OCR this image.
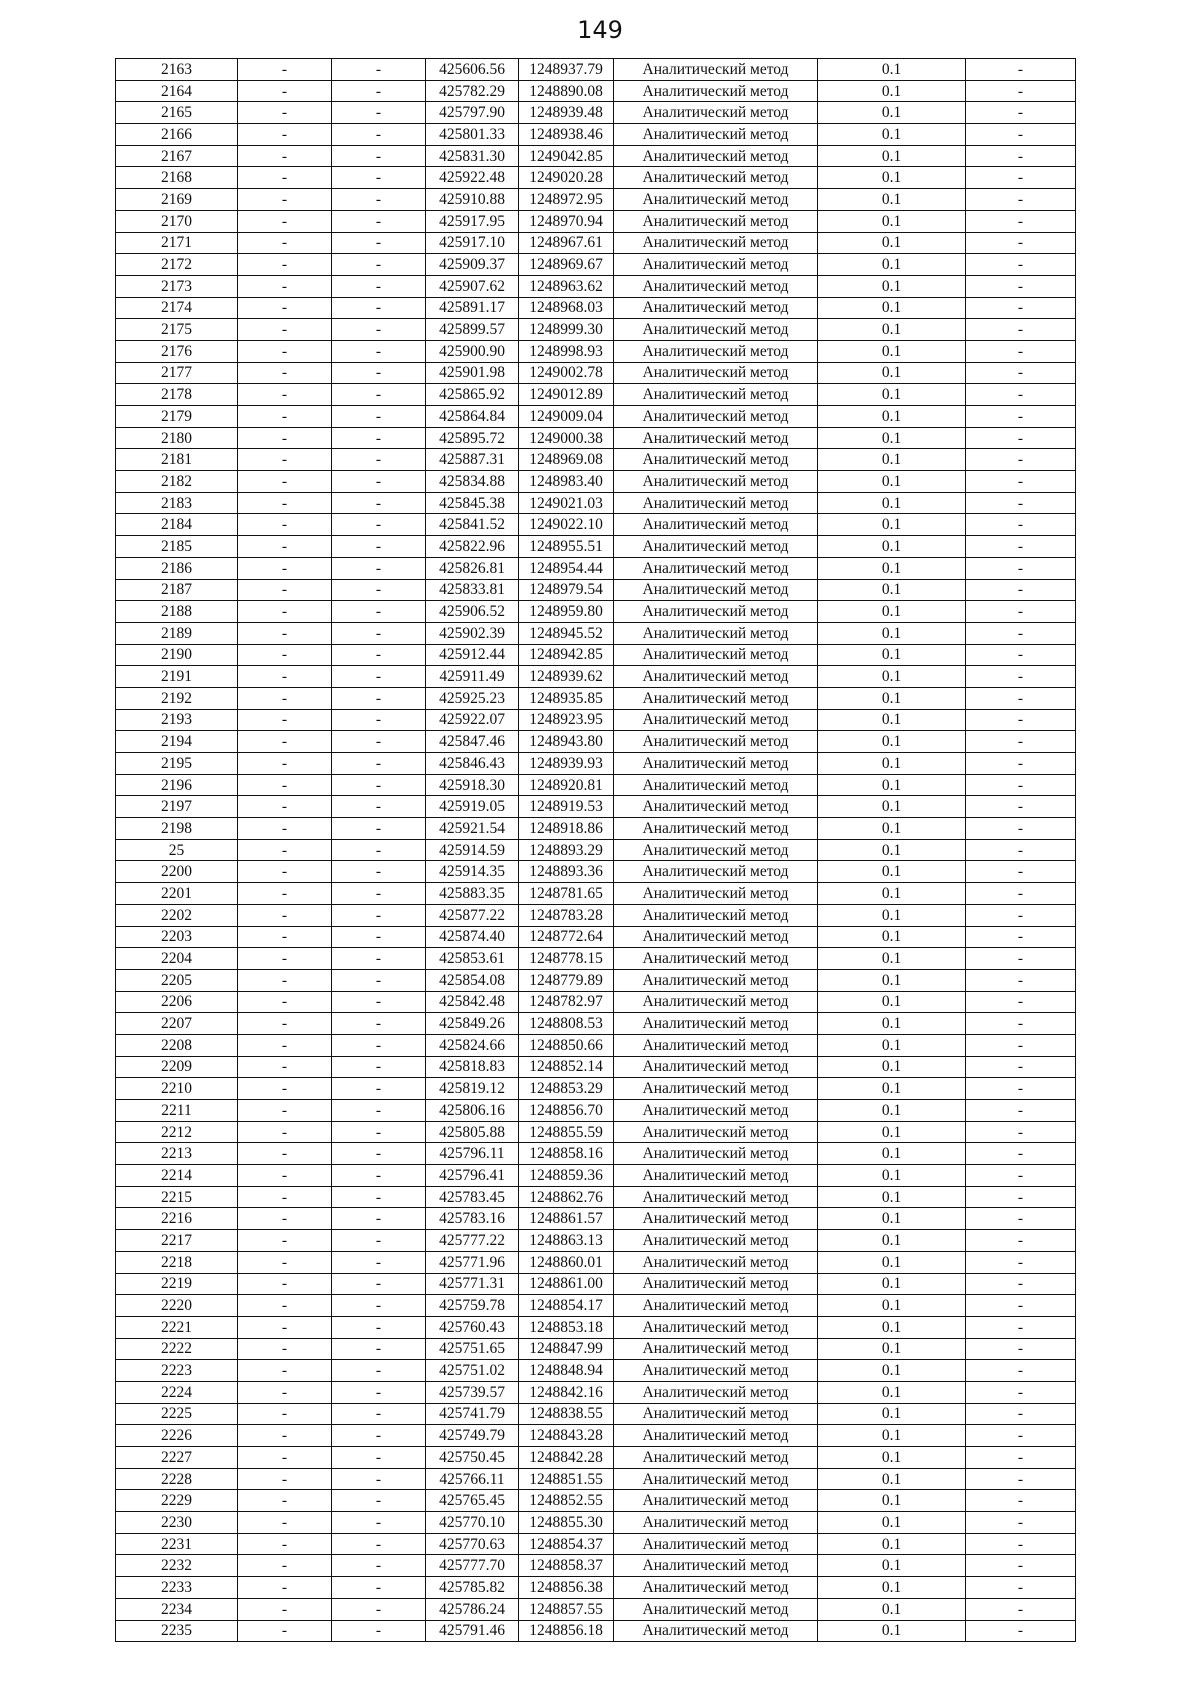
149
2163	-	-	425606.56	1248937.79	Аналитический метод	0.1	-
2164	-	-	425782.29	1248890.08	Аналитический метод	0.1	-
2165	-	-	425797.90	1248939.48	Аналитический метод	0.1	-
2166	-	-	425801.33	1248938.46	Аналитический метод	0.1	-
2167	-	-	425831.30	1249042.85	Аналитический метод	0.1	-
2168	-	-	425922.48	1249020.28	Аналитический метод	0.1	-
2169	-	-	425910.88	1248972.95	Аналитический метод	0.1	-
2170	-	-	425917.95	1248970.94	Аналитический метод	0.1	-
2171	-	-	425917.10	1248967.61	Аналитический метод	0.1	-
2172	-	-	425909.37	1248969.67	Аналитический метод	0.1	-
2173	-	-	425907.62	1248963.62	Аналитический метод	0.1	-
2174	-	-	425891.17	1248968.03	Аналитический метод	0.1	-
2175	-	-	425899.57	1248999.30	Аналитический метод	0.1	-
2176	-	-	425900.90	1248998.93	Аналитический метод	0.1	-
2177	-	-	425901.98	1249002.78	Аналитический метод	0.1	-
2178	-	-	425865.92	1249012.89	Аналитический метод	0.1	-
2179	-	-	425864.84	1249009.04	Аналитический метод	0.1	-
2180	-	-	425895.72	1249000.38	Аналитический метод	0.1	-
2181	-	-	425887.31	1248969.08	Аналитический метод	0.1	-
2182	-	-	425834.88	1248983.40	Аналитический метод	0.1	-
2183	-	-	425845.38	1249021.03	Аналитический метод	0.1	-
2184	-	-	425841.52	1249022.10	Аналитический метод	0.1	-
2185	-	-	425822.96	1248955.51	Аналитический метод	0.1	-
2186	-	-	425826.81	1248954.44	Аналитический метод	0.1	-
2187	-	-	425833.81	1248979.54	Аналитический метод	0.1	-
2188	-	-	425906.52	1248959.80	Аналитический метод	0.1	-
2189	-	-	425902.39	1248945.52	Аналитический метод	0.1	-
2190	-	-	425912.44	1248942.85	Аналитический метод	0.1	-
2191	-	-	425911.49	1248939.62	Аналитический метод	0.1	-
2192	-	-	425925.23	1248935.85	Аналитический метод	0.1	-
2193	-	-	425922.07	1248923.95	Аналитический метод	0.1	-
2194	-	-	425847.46	1248943.80	Аналитический метод	0.1	-
2195	-	-	425846.43	1248939.93	Аналитический метод	0.1	-
2196	-	-	425918.30	1248920.81	Аналитический метод	0.1	-
2197	-	-	425919.05	1248919.53	Аналитический метод	0.1	-
2198	-	-	425921.54	1248918.86	Аналитический метод	0.1	-
25	-	-	425914.59	1248893.29	Аналитический метод	0.1	-
2200	-	-	425914.35	1248893.36	Аналитический метод	0.1	-
2201	-	-	425883.35	1248781.65	Аналитический метод	0.1	-
2202	-	-	425877.22	1248783.28	Аналитический метод	0.1	-
2203	-	-	425874.40	1248772.64	Аналитический метод	0.1	-
2204	-	-	425853.61	1248778.15	Аналитический метод	0.1	-
2205	-	-	425854.08	1248779.89	Аналитический метод	0.1	-
2206	-	-	425842.48	1248782.97	Аналитический метод	0.1	-
2207	-	-	425849.26	1248808.53	Аналитический метод	0.1	-
2208	-	-	425824.66	1248850.66	Аналитический метод	0.1	-
2209	-	-	425818.83	1248852.14	Аналитический метод	0.1	-
2210	-	-	425819.12	1248853.29	Аналитический метод	0.1	-
2211	-	-	425806.16	1248856.70	Аналитический метод	0.1	-
2212	-	-	425805.88	1248855.59	Аналитический метод	0.1	-
2213	-	-	425796.11	1248858.16	Аналитический метод	0.1	-
2214	-	-	425796.41	1248859.36	Аналитический метод	0.1	-
2215	-	-	425783.45	1248862.76	Аналитический метод	0.1	-
2216	-	-	425783.16	1248861.57	Аналитический метод	0.1	-
2217	-	-	425777.22	1248863.13	Аналитический метод	0.1	-
2218	-	-	425771.96	1248860.01	Аналитический метод	0.1	-
2219	-	-	425771.31	1248861.00	Аналитический метод	0.1	-
2220	-	-	425759.78	1248854.17	Аналитический метод	0.1	-
2221	-	-	425760.43	1248853.18	Аналитический метод	0.1	-
2222	-	-	425751.65	1248847.99	Аналитический метод	0.1	-
2223	-	-	425751.02	1248848.94	Аналитический метод	0.1	-
2224	-	-	425739.57	1248842.16	Аналитический метод	0.1	-
2225	-	-	425741.79	1248838.55	Аналитический метод	0.1	-
2226	-	-	425749.79	1248843.28	Аналитический метод	0.1	-
2227	-	-	425750.45	1248842.28	Аналитический метод	0.1	-
2228	-	-	425766.11	1248851.55	Аналитический метод	0.1	-
2229	-	-	425765.45	1248852.55	Аналитический метод	0.1	-
2230	-	-	425770.10	1248855.30	Аналитический метод	0.1	-
2231	-	-	425770.63	1248854.37	Аналитический метод	0.1	-
2232	-	-	425777.70	1248858.37	Аналитический метод	0.1	-
2233	-	-	425785.82	1248856.38	Аналитический метод	0.1	-
2234	-	-	425786.24	1248857.55	Аналитический метод	0.1	-
2235	-	-	425791.46	1248856.18	Аналитический метод	0.1	-
